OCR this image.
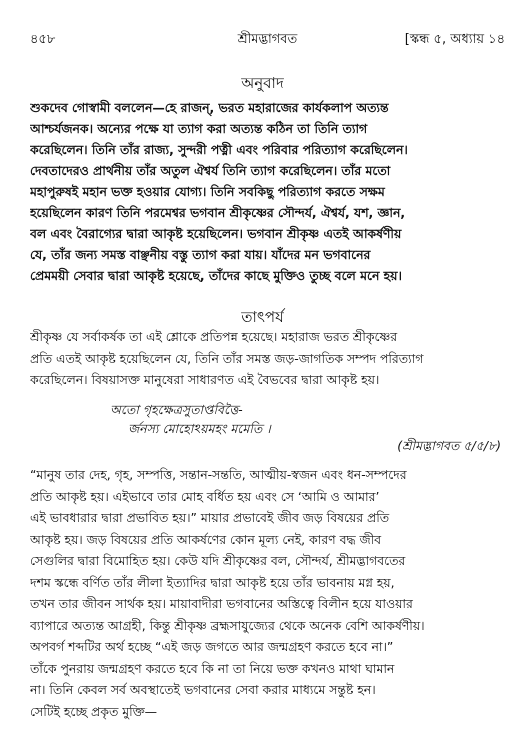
৪৫৮	শ্রীমদ্ভাগবত	[স্কন্ধ ৫, অধ্যায় ১৪
অনুবাদ

শুকদেব গোস্বামী বললেন—হে রাজন্‌, ভরত মহারাজের কার্যকলাপ অত্যন্ত
আশ্চর্যজনক। অন্যের পক্ষে যা ত্যাগ করা অত্যন্ত কঠিন তা তিনি ত্যাগ
করেছিলেন। তিনি তাঁর রাজ্য, সুন্দরী পত্নী এবং পরিবার পরিত্যাগ করেছিলেন।
দেবতাদেরও প্রার্থনীয় তাঁর অতুল ঐশ্বর্য তিনি ত্যাগ করেছিলেন। তাঁর মতো
মহাপুরুষই মহান ভক্ত হওয়ার যোগ্য। তিনি সবকিছু পরিত্যাগ করতে সক্ষম
হয়েছিলেন কারণ তিনি পরমেশ্বর ভগবান শ্রীকৃষ্ণের সৌন্দর্য, ঐশ্বর্য, যশ, জ্ঞান,
বল এবং বৈরাগ্যের দ্বারা আকৃষ্ট হয়েছিলেন। ভগবান শ্রীকৃষ্ণ এতই আকর্ষণীয়
যে, তাঁর জন্য সমস্ত বাঞ্ছনীয় বস্তু ত্যাগ করা যায়। যাঁদের মন ভগবানের
প্রেমময়ী সেবার দ্বারা আকৃষ্ট হয়েছে, তাঁদের কাছে মুক্তিও তুচ্ছ বলে মনে হয়।

তাৎপর্য

শ্রীকৃষ্ণ যে সর্বাকর্ষক তা এই শ্লোকে প্রতিপন্ন হয়েছে। মহারাজ ভরত শ্রীকৃষ্ণের
প্রতি এতই আকৃষ্ট হয়েছিলেন যে, তিনি তাঁর সমস্ত জড়-জাগতিক সম্পদ পরিত্যাগ
করেছিলেন। বিষয়াসক্ত মানুষেরা সাধারণত এই বৈভবের দ্বারা আকৃষ্ট হয়।

অতো গৃহক্ষেত্রসুতাপ্তবিত্তৈ-
র্জনস্য মোহোঽয়মহং মমেতি ।
(শ্রীমদ্ভাগবত ৫/৫/৮)

“মানুষ তার দেহ, গৃহ, সম্পত্তি, সন্তান-সন্ততি, আত্মীয়-স্বজন এবং ধন-সম্পদের
প্রতি আকৃষ্ট হয়। এইভাবে তার মোহ বর্ধিত হয় এবং সে ‘আমি ও আমার’
এই ভাবধারার দ্বারা প্রভাবিত হয়।” মায়ার প্রভাবেই জীব জড় বিষয়ের প্রতি
আকৃষ্ট হয়। জড় বিষয়ের প্রতি আকর্ষণের কোন মূল্য নেই, কারণ বদ্ধ জীব
সেগুলির দ্বারা বিমোহিত হয়। কেউ যদি শ্রীকৃষ্ণের বল, সৌন্দর্য, শ্রীমদ্ভাগবতের
দশম স্কন্ধে বর্ণিত তাঁর লীলা ইত্যাদির দ্বারা আকৃষ্ট হয়ে তাঁর ভাবনায় মগ্ন হয়,
তখন তার জীবন সার্থক হয়। মায়াবাদীরা ভগবানের অস্তিত্বে বিলীন হয়ে যাওয়ার
ব্যাপারে অত্যন্ত আগ্রহী, কিন্তু শ্রীকৃষ্ণ ব্রহ্মসাযুজ্যের থেকে অনেক বেশি আকর্ষণীয়।
অপবর্গ শব্দটির অর্থ হচ্ছে “এই জড় জগতে আর জন্মগ্রহণ করতে হবে না।”
তাঁকে পুনরায় জন্মগ্রহণ করতে হবে কি না তা নিয়ে ভক্ত কখনও মাথা ঘামান
না। তিনি কেবল সর্ব অবস্থাতেই ভগবানের সেবা করার মাধ্যমে সন্তুষ্ট হন।
সেটিই হচ্ছে প্রকৃত মুক্তি—
